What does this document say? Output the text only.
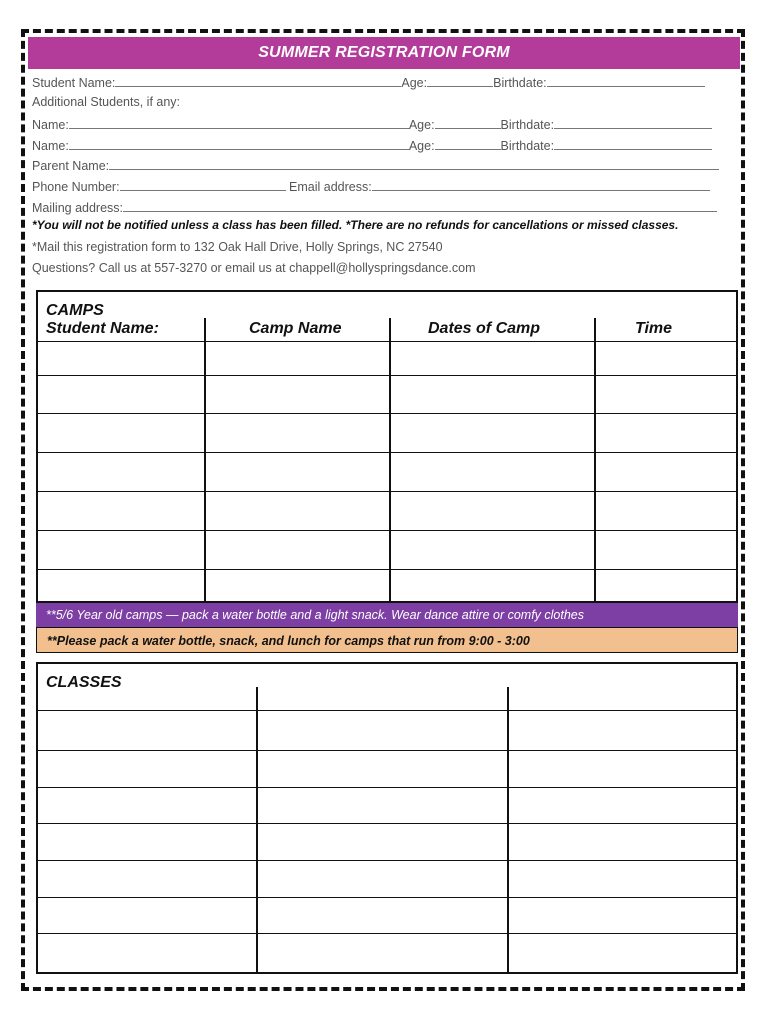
SUMMER REGISTRATION FORM
Student Name:	Age:	Birthdate:
Additional Students, if any:
Name:	Age:	Birthdate:
Name:	Age:	Birthdate:
Parent Name:
Phone Number:	Email address:
Mailing address:
*You will not be notified unless a class has been filled. *There are no refunds for cancellations or missed classes.
*Mail this registration form to 132 Oak Hall Drive, Holly Springs, NC 27540
Questions? Call us at 557-3270 or email us at chappell@hollyspringsdance.com
CAMPS
Student Name:	Camp Name	Dates of Camp	Time
**5/6 Year old camps — pack a water bottle and a light snack. Wear dance attire or comfy clothes
**Please pack a water bottle, snack, and lunch for camps that run from 9:00 - 3:00
CLASSES
